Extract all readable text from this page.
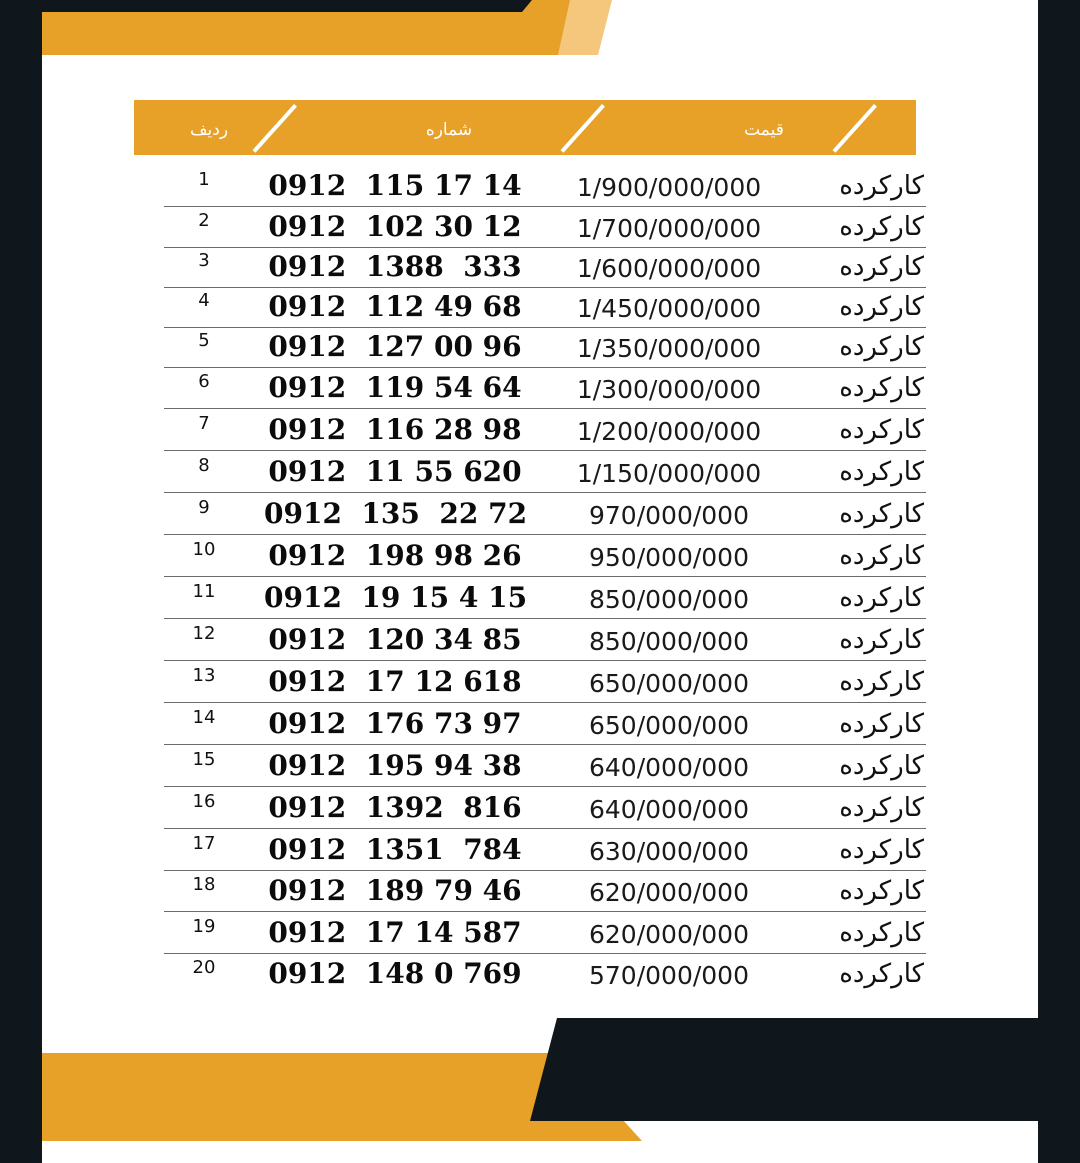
ردیف	شماره	قیمت	وضعیت
1	0912  115 17 14	1/900/000/000	کارکرده
2	0912  102 30 12	1/700/000/000	کارکرده
3	0912  1388  333	1/600/000/000	کارکرده
4	0912  112 49 68	1/450/000/000	کارکرده
5	0912  127 00 96	1/350/000/000	کارکرده
6	0912  119 54 64	1/300/000/000	کارکرده
7	0912  116 28 98	1/200/000/000	کارکرده
8	0912  11 55 620	1/150/000/000	کارکرده
9	0912  135  22 72	970/000/000	کارکرده
10	0912  198 98 26	950/000/000	کارکرده
11	0912  19 15 4 15	850/000/000	کارکرده
12	0912  120 34 85	850/000/000	کارکرده
13	0912  17 12 618	650/000/000	کارکرده
14	0912  176 73 97	650/000/000	کارکرده
15	0912  195 94 38	640/000/000	کارکرده
16	0912  1392  816	640/000/000	کارکرده
17	0912  1351  784	630/000/000	کارکرده
18	0912  189 79 46	620/000/000	کارکرده
19	0912  17 14 587	620/000/000	کارکرده
20	0912  148 0 769	570/000/000	کارکرده
